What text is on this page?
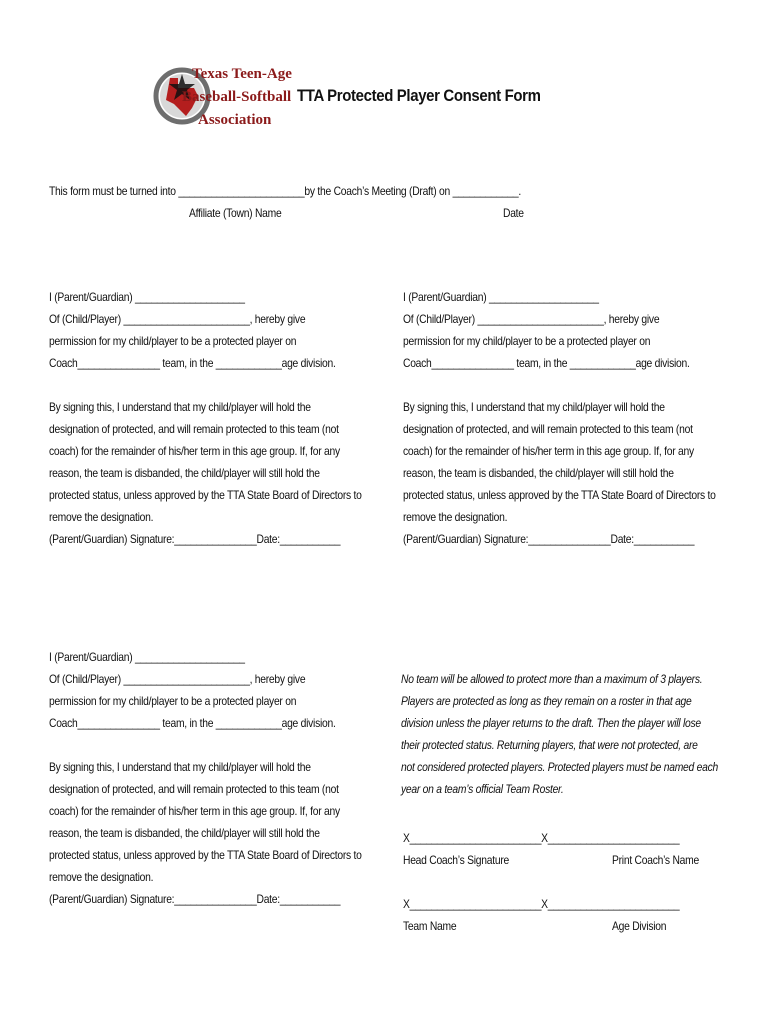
Texas Teen-Age
Baseball-Softball
Association
TTA Protected Player Consent Form
This form must be turned into _______________________by the Coach’s Meeting (Draft) on ____________.
Affiliate (Town) Name	Date
I (Parent/Guardian) ____________________
Of (Child/Player) _______________________, hereby give
permission for my child/player to be a protected player on
Coach_______________ team, in the ____________age division.
By signing this, I understand that my child/player will hold the
designation of protected, and will remain protected to this team (not
coach) for the remainder of his/her term in this age group. If, for any
reason, the team is disbanded, the child/player will still hold the
protected status, unless approved by the TTA State Board of Directors to
remove the designation.
(Parent/Guardian) Signature:_______________Date:___________
I (Parent/Guardian) ____________________
Of (Child/Player) _______________________, hereby give
permission for my child/player to be a protected player on
Coach_______________ team, in the ____________age division.
By signing this, I understand that my child/player will hold the
designation of protected, and will remain protected to this team (not
coach) for the remainder of his/her term in this age group. If, for any
reason, the team is disbanded, the child/player will still hold the
protected status, unless approved by the TTA State Board of Directors to
remove the designation.
(Parent/Guardian) Signature:_______________Date:___________
I (Parent/Guardian) ____________________
Of (Child/Player) _______________________, hereby give
permission for my child/player to be a protected player on
Coach_______________ team, in the ____________age division.
By signing this, I understand that my child/player will hold the
designation of protected, and will remain protected to this team (not
coach) for the remainder of his/her term in this age group. If, for any
reason, the team is disbanded, the child/player will still hold the
protected status, unless approved by the TTA State Board of Directors to
remove the designation.
(Parent/Guardian) Signature:_______________Date:___________
No team will be allowed to protect more than a maximum of 3 players.
Players are protected as long as they remain on a roster in that age
division unless the player returns to the draft. Then the player will lose
their protected status. Returning players, that were not protected, are
not considered protected players. Protected players must be named each
year on a team’s official Team Roster.
X________________________X________________________
Head Coach’s Signature	Print Coach’s Name
X________________________X________________________
Team Name	Age Division
